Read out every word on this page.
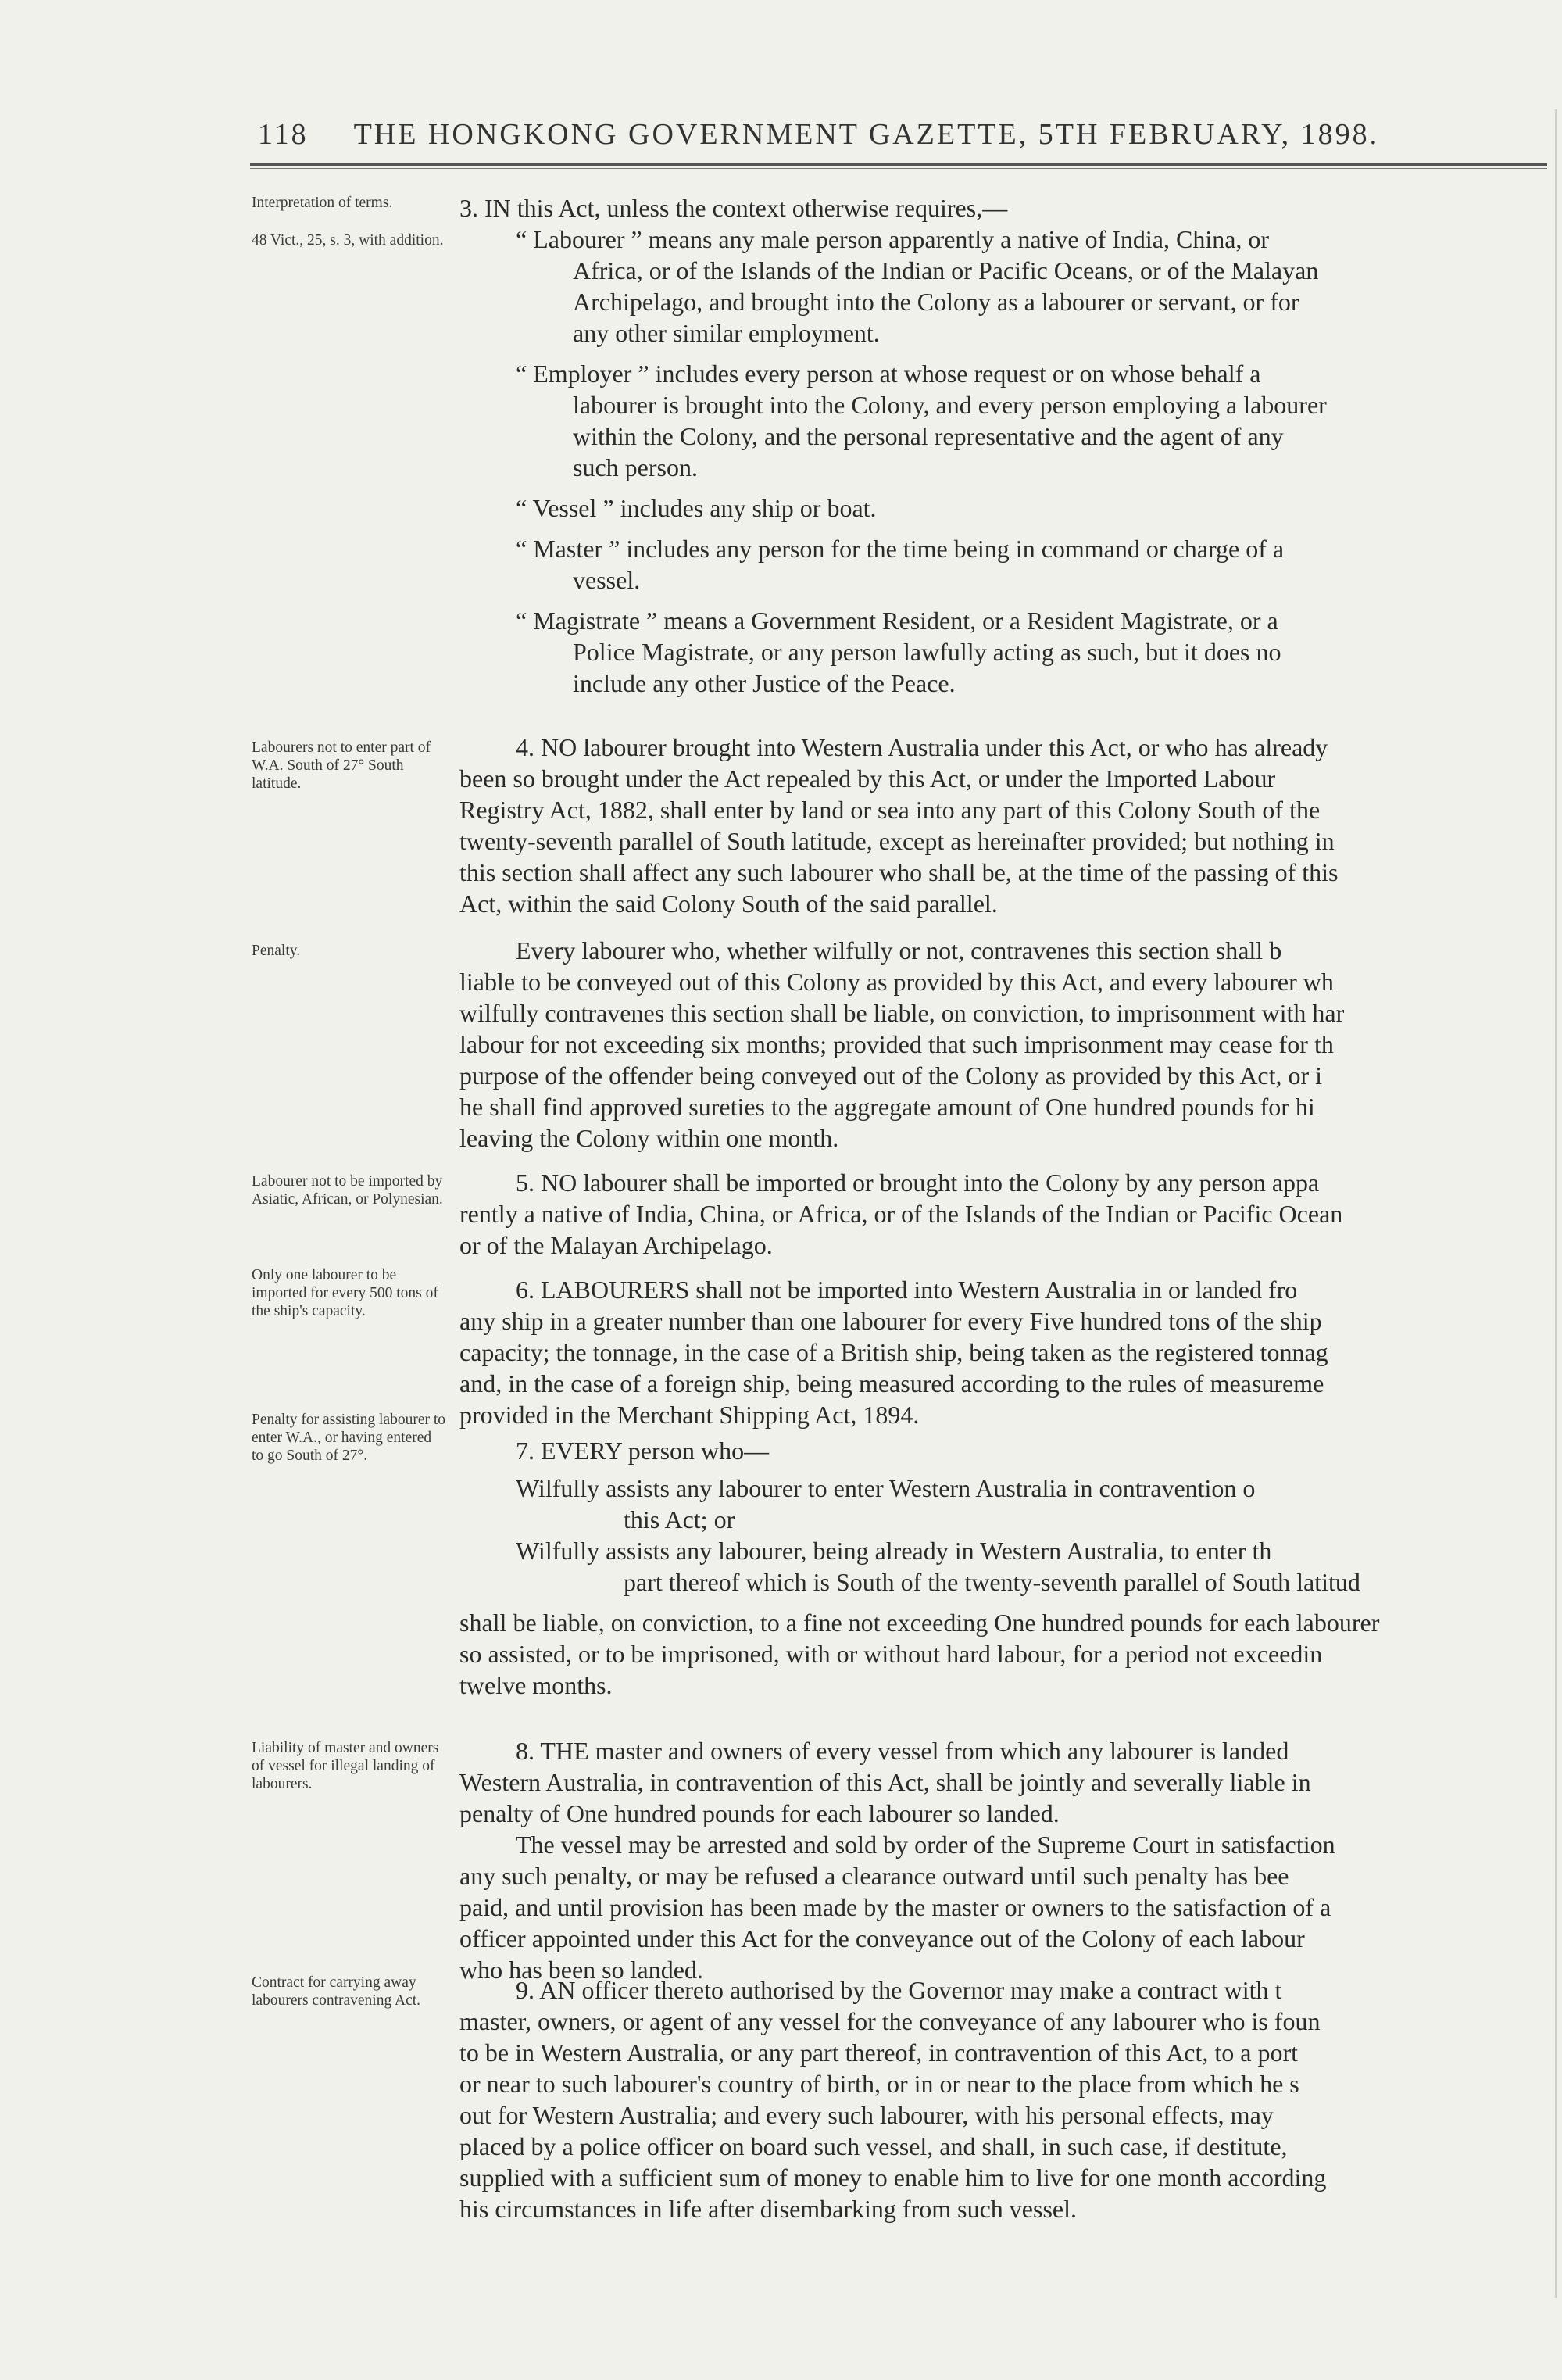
118 THE HONGKONG GOVERNMENT GAZETTE, 5TH FEBRUARY, 1898.
Interpretation of terms.
48 Vict., 25, s. 3, with addition.
Labourers not to enter part of W.A. South of 27° South latitude.
Penalty.
Labourer not to be imported by Asiatic, African, or Polynesian.
Only one labourer to be imported for every 500 tons of the ship's capacity.
Penalty for assisting labourer to enter W.A., or having entered to go South of 27°.
Liability of master and owners of vessel for illegal landing of labourers.
Contract for carrying away labourers contravening Act.
3. IN this Act, unless the context otherwise requires,—
“ Labourer ” means any male person apparently a native of India, China, or
Africa, or of the Islands of the Indian or Pacific Oceans, or of the Malayan
Archipelago, and brought into the Colony as a labourer or servant, or for
any other similar employment.
“ Employer ” includes every person at whose request or on whose behalf a
labourer is brought into the Colony, and every person employing a labourer
within the Colony, and the personal representative and the agent of any
such person.
“ Vessel ” includes any ship or boat.
“ Master ” includes any person for the time being in command or charge of a
vessel.
“ Magistrate ” means a Government Resident, or a Resident Magistrate, or a
Police Magistrate, or any person lawfully acting as such, but it does no
include any other Justice of the Peace.
4. NO labourer brought into Western Australia under this Act, or who has already
been so brought under the Act repealed by this Act, or under the Imported Labour
Registry Act, 1882, shall enter by land or sea into any part of this Colony South of the
twenty-seventh parallel of South latitude, except as hereinafter provided; but nothing in
this section shall affect any such labourer who shall be, at the time of the passing of this
Act, within the said Colony South of the said parallel.
Every labourer who, whether wilfully or not, contravenes this section shall b
liable to be conveyed out of this Colony as provided by this Act, and every labourer wh
wilfully contravenes this section shall be liable, on conviction, to imprisonment with har
labour for not exceeding six months; provided that such imprisonment may cease for th
purpose of the offender being conveyed out of the Colony as provided by this Act, or i
he shall find approved sureties to the aggregate amount of One hundred pounds for hi
leaving the Colony within one month.
5. NO labourer shall be imported or brought into the Colony by any person appa
rently a native of India, China, or Africa, or of the Islands of the Indian or Pacific Ocean
or of the Malayan Archipelago.
6. LABOURERS shall not be imported into Western Australia in or landed fro
any ship in a greater number than one labourer for every Five hundred tons of the ship
capacity; the tonnage, in the case of a British ship, being taken as the registered tonnag
and, in the case of a foreign ship, being measured according to the rules of measureme
provided in the Merchant Shipping Act, 1894.
7. EVERY person who—
Wilfully assists any labourer to enter Western Australia in contravention o
this Act; or
Wilfully assists any labourer, being already in Western Australia, to enter th
part thereof which is South of the twenty-seventh parallel of South latitud
shall be liable, on conviction, to a fine not exceeding One hundred pounds for each labourer
so assisted, or to be imprisoned, with or without hard labour, for a period not exceedin
twelve months.
8. THE master and owners of every vessel from which any labourer is landed
Western Australia, in contravention of this Act, shall be jointly and severally liable in
penalty of One hundred pounds for each labourer so landed.
The vessel may be arrested and sold by order of the Supreme Court in satisfaction
any such penalty, or may be refused a clearance outward until such penalty has bee
paid, and until provision has been made by the master or owners to the satisfaction of a
officer appointed under this Act for the conveyance out of the Colony of each labour
who has been so landed.
9. AN officer thereto authorised by the Governor may make a contract with t
master, owners, or agent of any vessel for the conveyance of any labourer who is foun
to be in Western Australia, or any part thereof, in contravention of this Act, to a port
or near to such labourer's country of birth, or in or near to the place from which he s
out for Western Australia; and every such labourer, with his personal effects, may
placed by a police officer on board such vessel, and shall, in such case, if destitute,
supplied with a sufficient sum of money to enable him to live for one month according
his circumstances in life after disembarking from such vessel.
